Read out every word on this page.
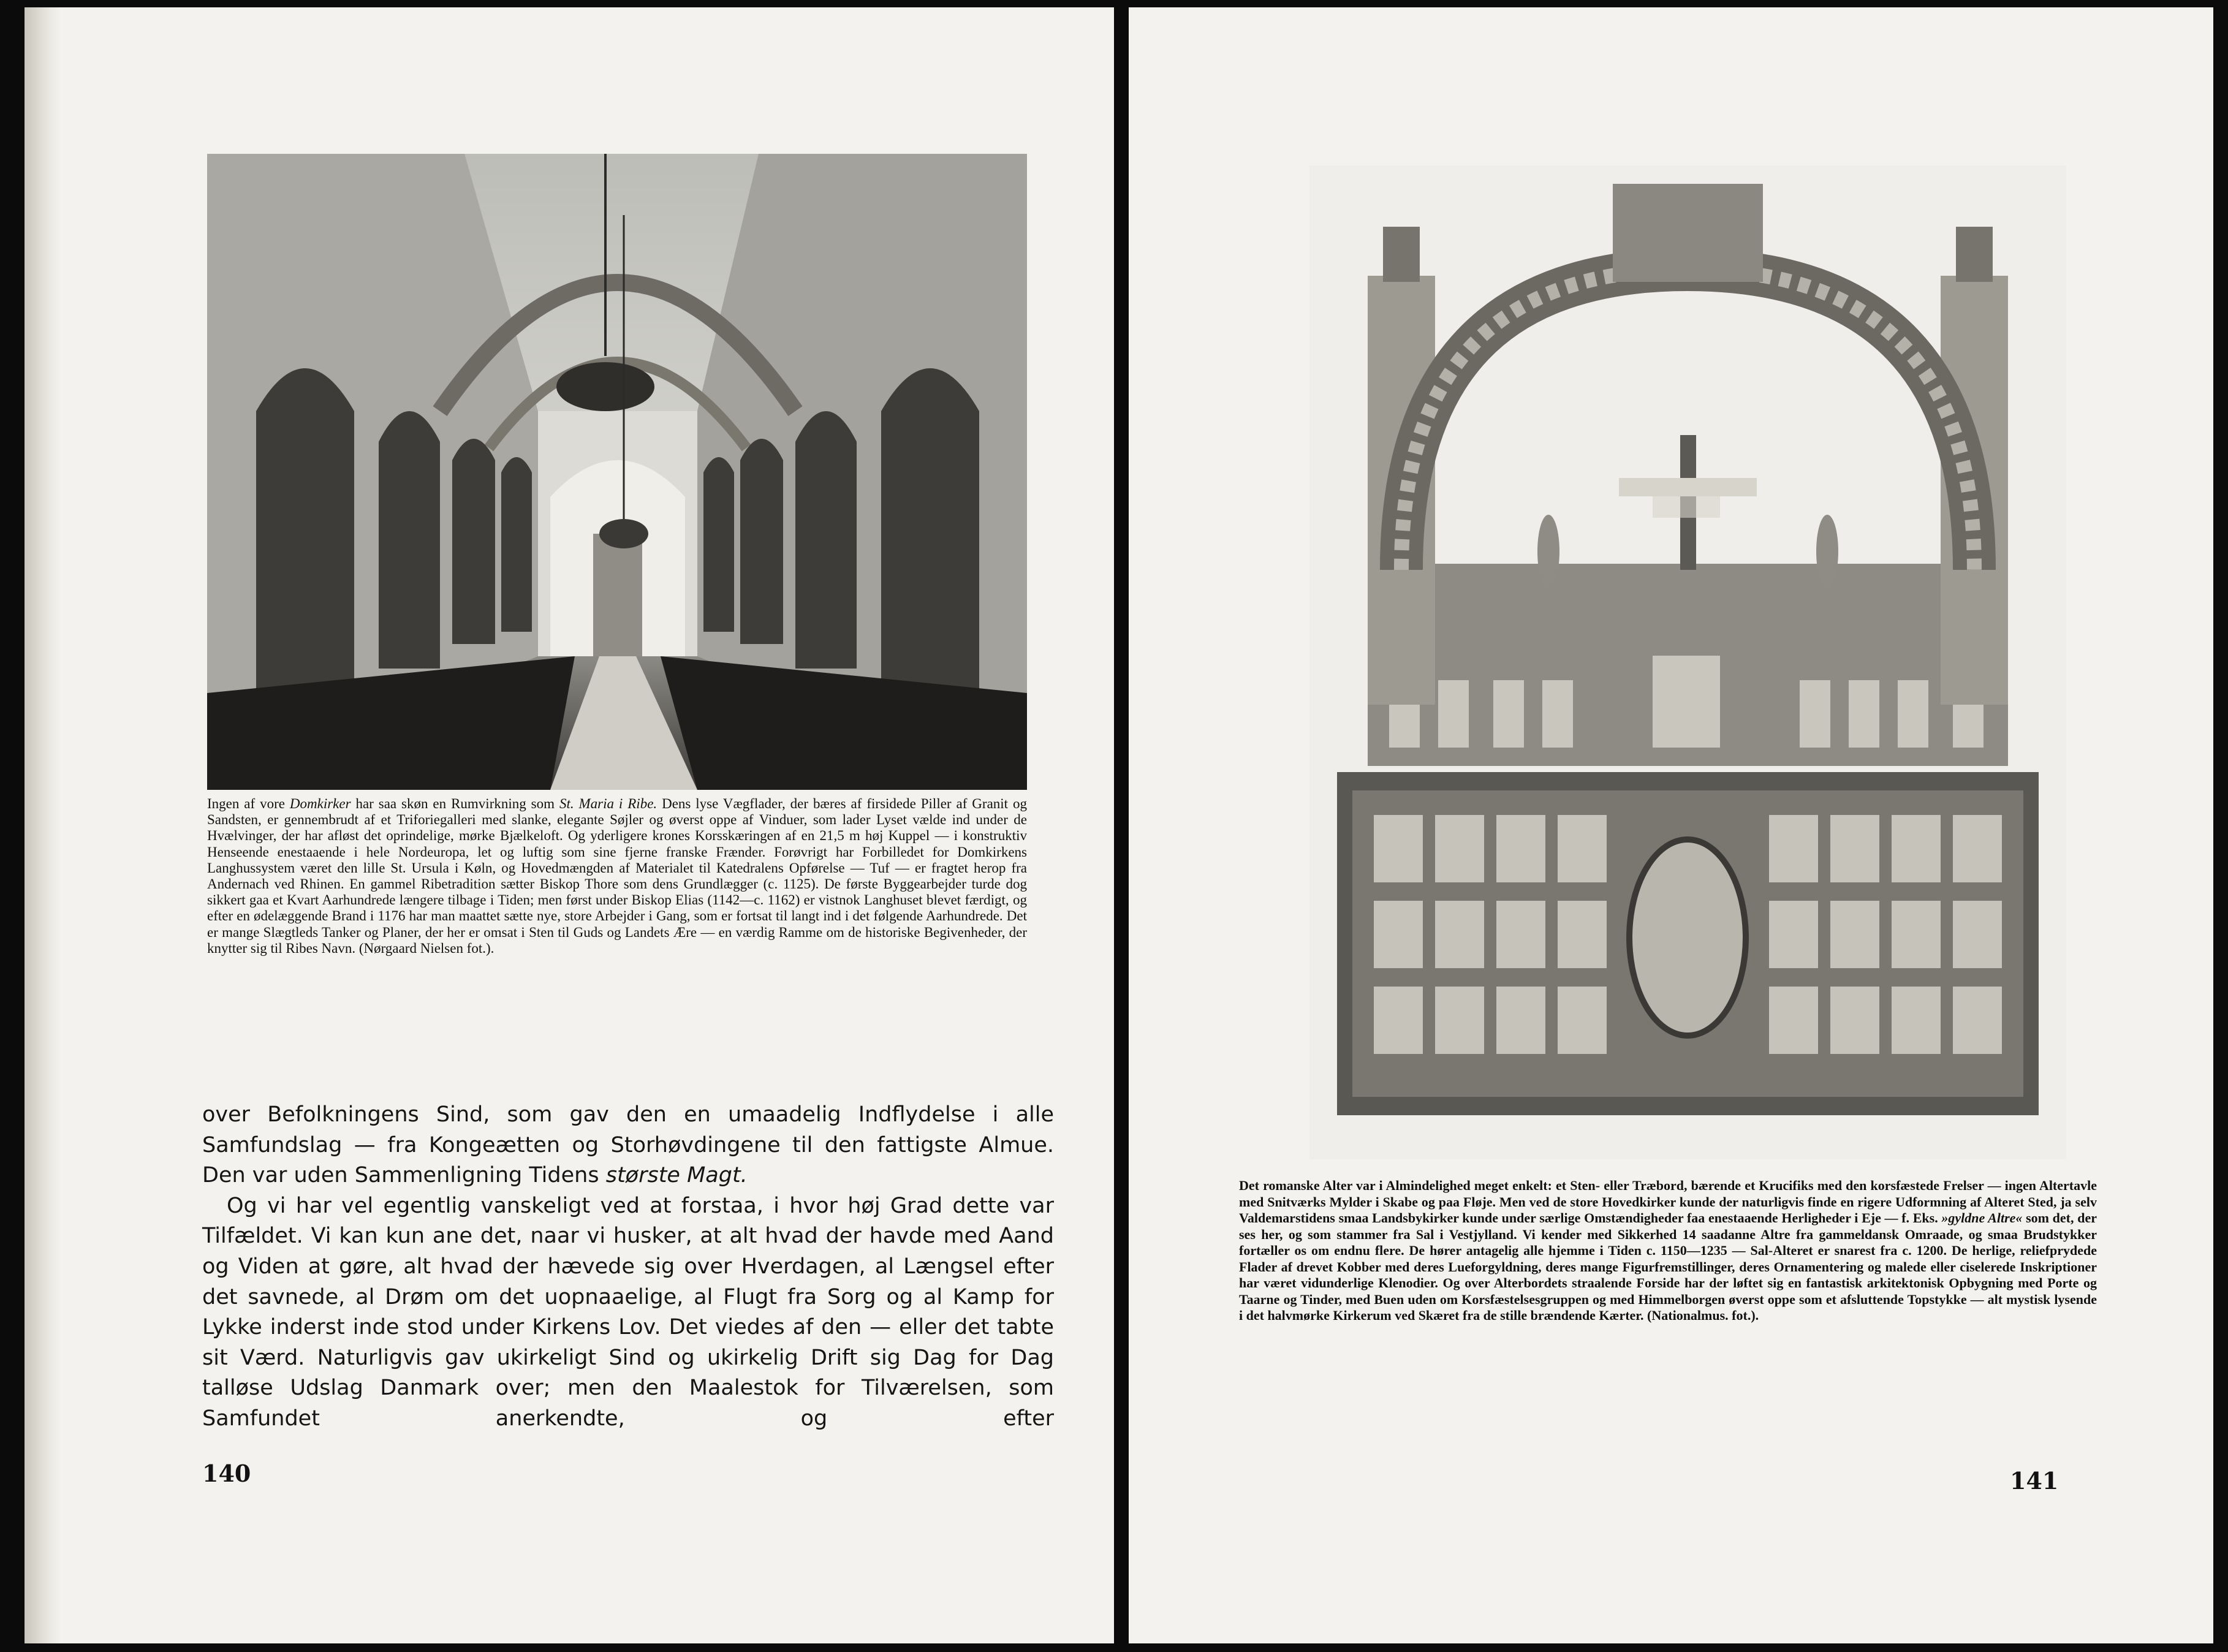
Ingen af vore Domkirker har saa skøn en Rumvirkning som St. Maria i Ribe. Dens lyse Vægflader, der bæres af firsidede Piller af Granit og Sandsten, er gennembrudt af et Triforiegalleri med slanke, elegante Søjler og øverst oppe af Vinduer, som lader Lyset vælde ind under de Hvælvinger, der har afløst det oprindelige, mørke Bjælkeloft. Og yderligere krones Korsskæringen af en 21,5 m høj Kuppel — i konstruktiv Henseende enestaaende i hele Nordeuropa, let og luftig som sine fjerne franske Frænder. Forøvrigt har Forbilledet for Domkirkens Langhussystem været den lille St. Ursula i Køln, og Hovedmængden af Materialet til Katedralens Opførelse — Tuf — er fragtet herop fra Andernach ved Rhinen. En gammel Ribetradition sætter Biskop Thore som dens Grundlægger (c. 1125). De første Byggearbejder turde dog sikkert gaa et Kvart Aarhundrede længere tilbage i Tiden; men først under Biskop Elias (1142—c. 1162) er vistnok Langhuset blevet færdigt, og efter en ødelæggende Brand i 1176 har man maattet sætte nye, store Arbejder i Gang, som er fortsat til langt ind i det følgende Aarhundrede. Det er mange Slægtleds Tanker og Planer, der her er omsat i Sten til Guds og Landets Ære — en værdig Ramme om de historiske Begivenheder, der knytter sig til Ribes Navn. (Nørgaard Nielsen fot.).

over Befolkningens Sind, som gav den en umaadelig Indflydelse i alle Samfundslag — fra Kongeætten og Storhøvdingene til den fattigste Almue. Den var uden Sammenligning Tidens største Magt.

Og vi har vel egentlig vanskeligt ved at forstaa, i hvor høj Grad dette var Tilfældet. Vi kan kun ane det, naar vi husker, at alt hvad der havde med Aand og Viden at gøre, alt hvad der hævede sig over Hverdagen, al Længsel efter det savnede, al Drøm om det uopnaaelige, al Flugt fra Sorg og al Kamp for Lykke inderst inde stod under Kirkens Lov. Det viedes af den — eller det tabte sit Værd. Naturligvis gav ukirkeligt Sind og ukirkelig Drift sig Dag for Dag talløse Udslag Danmark over; men den Maalestok for Tilværelsen, som Samfundet anerkendte, og efter

140

Det romanske Alter var i Almindelighed meget enkelt: et Sten- eller Træbord, bærende et Krucifiks med den korsfæstede Frelser — ingen Altertavle med Snitværks Mylder i Skabe og paa Fløje. Men ved de store Hovedkirker kunde der naturligvis finde en rigere Udformning af Alteret Sted, ja selv Valdemarstidens smaa Landsbykirker kunde under særlige Omstændigheder faa enestaaende Herligheder i Eje — f. Eks. »gyldne Altre« som det, der ses her, og som stammer fra Sal i Vestjylland. Vi kender med Sikkerhed 14 saadanne Altre fra gammeldansk Omraade, og smaa Brudstykker fortæller os om endnu flere. De hører antagelig alle hjemme i Tiden c. 1150—1235 — Sal-Alteret er snarest fra c. 1200. De herlige, reliefprydede Flader af drevet Kobber med deres Lueforgyldning, deres mange Figurfremstillinger, deres Ornamentering og malede eller ciselerede Inskriptioner har været vidunderlige Klenodier. Og over Alterbordets straalende Forside har der løftet sig en fantastisk arkitektonisk Opbygning med Porte og Taarne og Tinder, med Buen uden om Korsfæstelsesgruppen og med Himmelborgen øverst oppe som et afsluttende Topstykke — alt mystisk lysende i det halvmørke Kirkerum ved Skæret fra de stille brændende Kærter. (Nationalmus. fot.).

141
